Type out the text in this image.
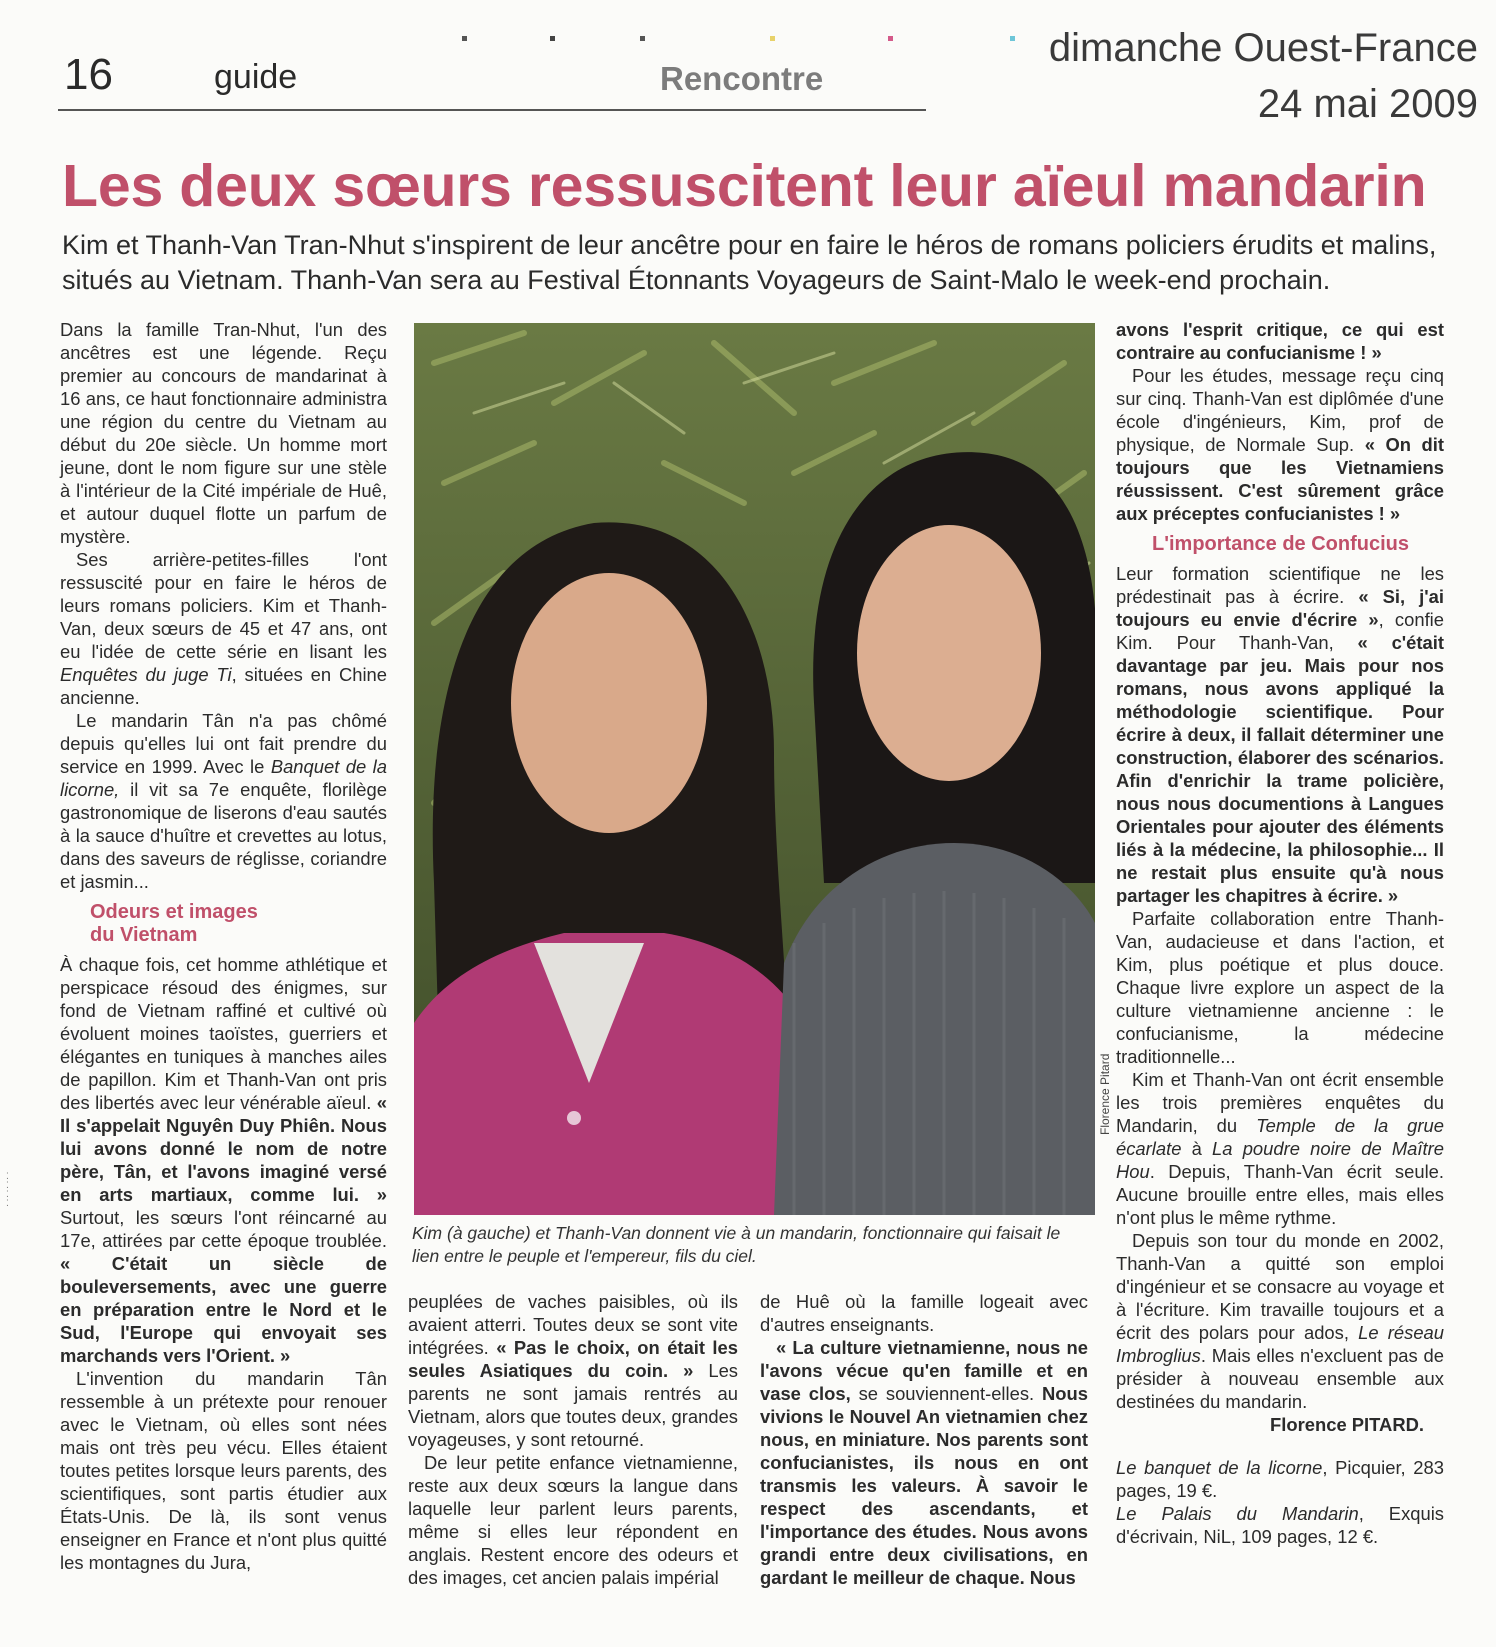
16	guide	Rencontre
dimanche Ouest-France
24 mai 2009
⁚
⁚
⁚
⁚
Les deux sœurs ressuscitent leur aïeul mandarin
Kim et Thanh-Van Tran-Nhut s'inspirent de leur ancêtre pour en faire le héros de romans policiers érudits et malins, situés au Vietnam. Thanh-Van sera au Festival Étonnants Voyageurs de Saint-Malo le week-end prochain.

Dans la famille Tran-Nhut, l'un des ancêtres est une légende. Reçu premier au concours de mandarinat à 16 ans, ce haut fonctionnaire administra une région du centre du Vietnam au début du 20e siècle. Un homme mort jeune, dont le nom figure sur une stèle à l'intérieur de la Cité impériale de Huê, et autour duquel flotte un parfum de mystère.

Ses arrière-petites-filles l'ont ressuscité pour en faire le héros de leurs romans policiers. Kim et Thanh-Van, deux sœurs de 45 et 47 ans, ont eu l'idée de cette série en lisant les Enquêtes du juge Ti, situées en Chine ancienne.

Le mandarin Tân n'a pas chômé depuis qu'elles lui ont fait prendre du service en 1999. Avec le Banquet de la licorne, il vit sa 7e enquête, florilège gastronomique de liserons d'eau sautés à la sauce d'huître et crevettes au lotus, dans des saveurs de réglisse, coriandre et jasmin...

Odeurs et images
du Vietnam

À chaque fois, cet homme athlétique et perspicace résoud des énigmes, sur fond de Vietnam raffiné et cultivé où évoluent moines taoïstes, guerriers et élégantes en tuniques à manches ailes de papillon. Kim et Thanh-Van ont pris des libertés avec leur vénérable aïeul. « Il s'appelait Nguyên Duy Phiên. Nous lui avons donné le nom de notre père, Tân, et l'avons imaginé versé en arts martiaux, comme lui. » Surtout, les sœurs l'ont réincarné au 17e, attirées par cette époque troublée. « C'était un siècle de bouleversements, avec une guerre en préparation entre le Nord et le Sud, l'Europe qui envoyait ses marchands vers l'Orient. »

L'invention du mandarin Tân ressemble à un prétexte pour renouer avec le Vietnam, où elles sont nées mais ont très peu vécu. Elles étaient toutes petites lorsque leurs parents, des scientifiques, sont partis étudier aux États-Unis. De là, ils sont venus enseigner en France et n'ont plus quitté les montagnes du Jura,

Florence Pitard
Kim (à gauche) et Thanh-Van donnent vie à un mandarin, fonctionnaire qui faisait le lien entre le peuple et l'empereur, fils du ciel.

peuplées de vaches paisibles, où ils avaient atterri. Toutes deux se sont vite intégrées. « Pas le choix, on était les seules Asiatiques du coin. » Les parents ne sont jamais rentrés au Vietnam, alors que toutes deux, grandes voyageuses, y sont retourné.

De leur petite enfance vietnamienne, reste aux deux sœurs la langue dans laquelle leur parlent leurs parents, même si elles leur répondent en anglais. Restent encore des odeurs et des images, cet ancien palais impérial

de Huê où la famille logeait avec d'autres enseignants.

« La culture vietnamienne, nous ne l'avons vécue qu'en famille et en vase clos, se souviennent-elles. Nous vivions le Nouvel An vietnamien chez nous, en miniature. Nos parents sont confucianistes, ils nous en ont transmis les valeurs. À savoir le respect des ascendants, et l'importance des études. Nous avons grandi entre deux civilisations, en gardant le meilleur de chaque. Nous

avons l'esprit critique, ce qui est contraire au confucianisme ! »

Pour les études, message reçu cinq sur cinq. Thanh-Van est diplômée d'une école d'ingénieurs, Kim, prof de physique, de Normale Sup. « On dit toujours que les Vietnamiens réussissent. C'est sûrement grâce aux préceptes confucianistes ! »

L'importance de Confucius

Leur formation scientifique ne les prédestinait pas à écrire. « Si, j'ai toujours eu envie d'écrire », confie Kim. Pour Thanh-Van, « c'était davantage par jeu. Mais pour nos romans, nous avons appliqué la méthodologie scientifique. Pour écrire à deux, il fallait déterminer une construction, élaborer des scénarios. Afin d'enrichir la trame policière, nous nous documentions à Langues Orientales pour ajouter des éléments liés à la médecine, la philosophie... Il ne restait plus ensuite qu'à nous partager les chapitres à écrire. »

Parfaite collaboration entre Thanh-Van, audacieuse et dans l'action, et Kim, plus poétique et plus douce. Chaque livre explore un aspect de la culture vietnamienne ancienne : le confucianisme, la médecine traditionnelle...

Kim et Thanh-Van ont écrit ensemble les trois premières enquêtes du Mandarin, du Temple de la grue écarlate à La poudre noire de Maître Hou. Depuis, Thanh-Van écrit seule. Aucune brouille entre elles, mais elles n'ont plus le même rythme.

Depuis son tour du monde en 2002, Thanh-Van a quitté son emploi d'ingénieur et se consacre au voyage et à l'écriture. Kim travaille toujours et a écrit des polars pour ados, Le réseau Imbroglius. Mais elles n'excluent pas de présider à nouveau ensemble aux destinées du mandarin.

Florence PITARD.

Le banquet de la licorne, Picquier, 283 pages, 19 €.

Le Palais du Mandarin, Exquis d'écrivain, NiL, 109 pages, 12 €.
